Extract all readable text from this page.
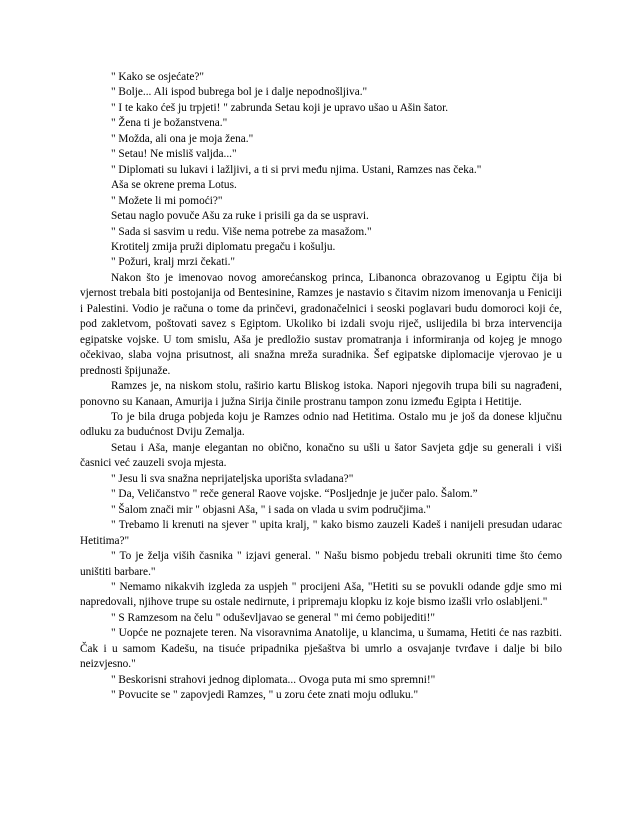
" Kako se osjećate?"

" Bolje... Ali ispod bubrega bol je i dalje nepodnošljiva."

" I te kako ćeš ju trpjeti! " zabrunda Setau koji je upravo ušao u Ašin šator.

" Žena ti je božanstvena."

" Možda, ali ona je moja žena."

" Setau! Ne misliš valjda..."

" Diplomati su lukavi i lažljivi, a ti si prvi među njima. Ustani, Ramzes nas čeka."

Aša se okrene prema Lotus.

" Možete li mi pomoći?"

Setau naglo povuče Ašu za ruke i prisili ga da se uspravi.

" Sada si sasvim u redu. Više nema potrebe za masažom."

Krotitelj zmija pruži diplomatu pregaču i košulju.

" Požuri, kralj mrzi čekati."

Nakon što je imenovao novog amorećanskog princa, Libanonca obrazovanog u Egiptu čija bi vjernost trebala biti postojanija od Bentesinine, Ramzes je nastavio s čitavim nizom imenovanja u Feniciji i Palestini. Vodio je računa o tome da prinčevi, gradonačelnici i seoski poglavari budu domoroci koji će, pod zakletvom, poštovati savez s Egiptom. Ukoliko bi izdali svoju riječ, uslijedila bi brza intervencija egipatske vojske. U tom smislu, Aša je predložio sustav promatranja i informiranja od kojeg je mnogo očekivao, slaba vojna prisutnost, ali snažna mreža suradnika. Šef egipatske diplomacije vjerovao je u prednosti špijunaže.

Ramzes je, na niskom stolu, raširio kartu Bliskog istoka. Napori njegovih trupa bili su nagrađeni, ponovno su Kanaan, Amurija i južna Sirija činile prostranu tampon zonu između Egipta i Hetitije.

To je bila druga pobjeda koju je Ramzes odnio nad Hetitima. Ostalo mu je još da donese ključnu odluku za budućnost Dviju Zemalja.

Setau i Aša, manje elegantan no obično, konačno su ušli u šator Savjeta gdje su generali i viši časnici već zauzeli svoja mjesta.

" Jesu li sva snažna neprijateljska uporišta svladana?"

" Da, Veličanstvo " reče general Raove vojske. “Posljednje je jučer palo. Šalom.”

" Šalom znači mir " objasni Aša, " i sada on vlada u svim područjima."

" Trebamo li krenuti na sjever " upita kralj, " kako bismo zauzeli Kadeš i nanijeli presudan udarac Hetitima?"

" To je želja viših časnika " izjavi general. " Našu bismo pobjedu trebali okruniti time što ćemo uništiti barbare."

" Nemamo nikakvih izgleda za uspjeh " procijeni Aša, "Hetiti su se povukli odande gdje smo mi napredovali, njihove trupe su ostale nedirnute, i pripremaju klopku iz koje bismo izašli vrlo oslabljeni."

" S Ramzesom na čelu " oduševljavao se general " mi ćemo pobijediti!"

" Uopće ne poznajete teren. Na visoravnima Anatolije, u klancima, u šumama, Hetiti će nas razbiti. Čak i u samom Kadešu, na tisuće pripadnika pješaštva bi umrlo a osvajanje tvrđave i dalje bi bilo neizvjesno."

" Beskorisni strahovi jednog diplomata... Ovoga puta mi smo spremni!"

" Povucite se " zapovjedi Ramzes, " u zoru ćete znati moju odluku."
